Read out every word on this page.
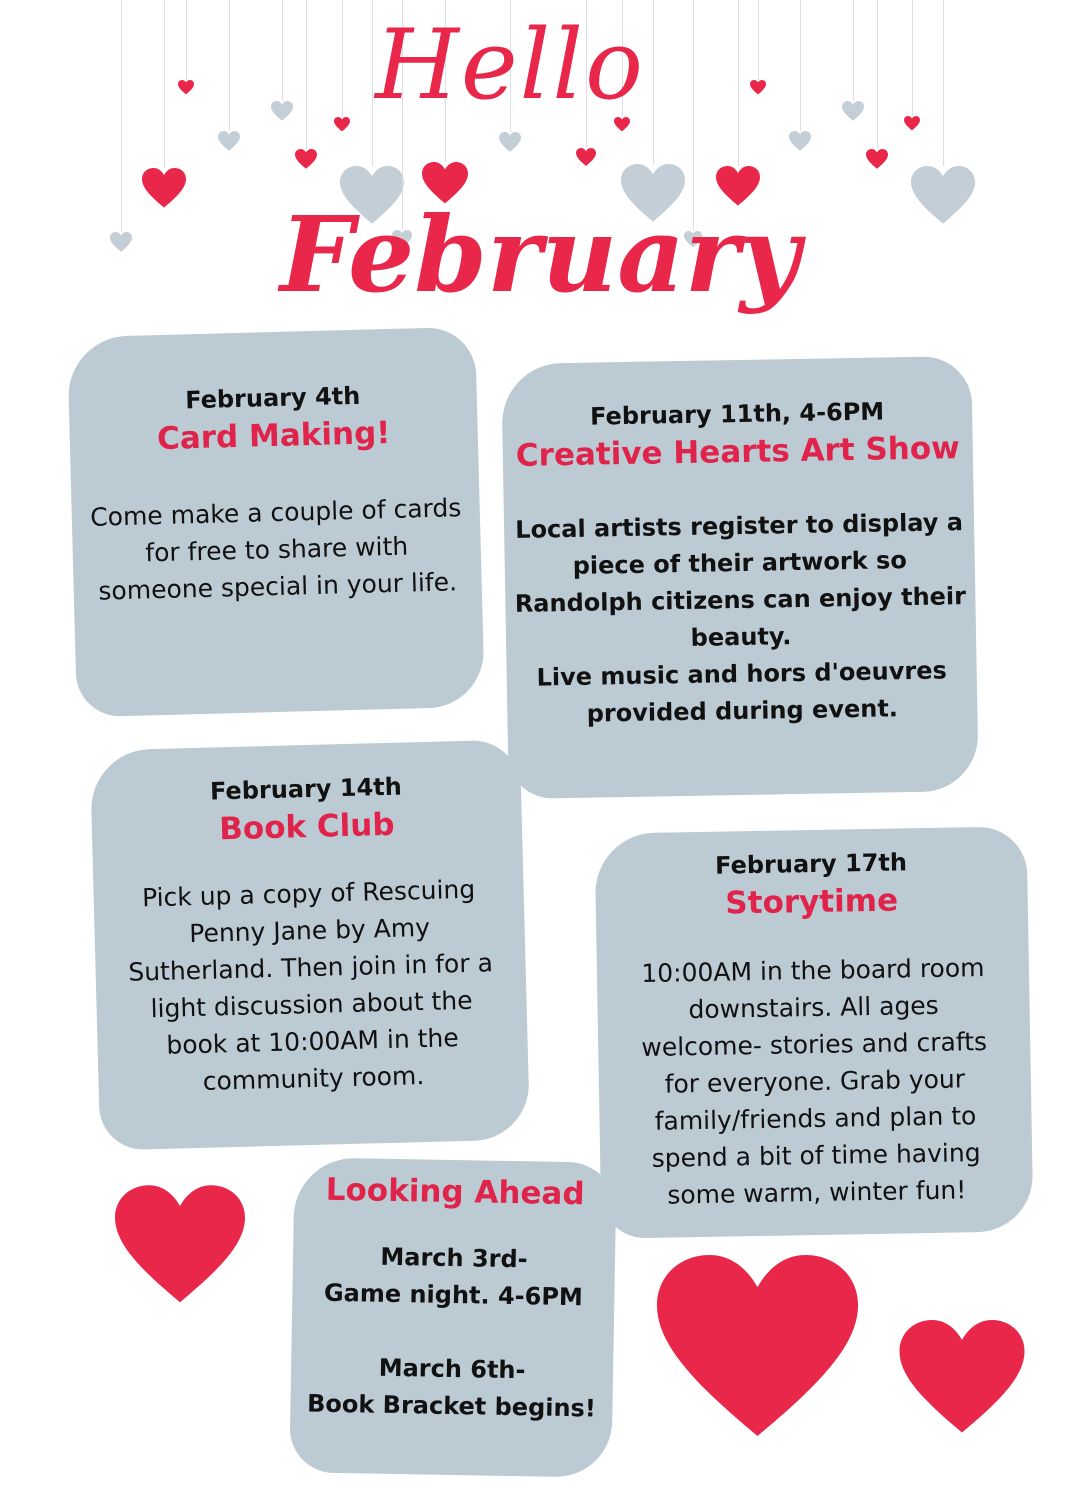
Hello
February
February 4th
Card Making!
Come make a couple of cards
for free to share with
someone special in your life.
February 11th, 4-6PM
Creative Hearts Art Show
Local artists register to display a
piece of their artwork so
Randolph citizens can enjoy their
beauty.
Live music and hors d'oeuvres
provided during event.
February 14th
Book Club
Pick up a copy of Rescuing
Penny Jane by Amy
Sutherland. Then join in for a
light discussion about the
book at 10:00AM in the
community room.
February 17th
Storytime
10:00AM in the board room
downstairs. All ages
welcome- stories and crafts
for everyone. Grab your
family/friends and plan to
spend a bit of time having
some warm, winter fun!
Looking Ahead
March 3rd-
Game night. 4-6PM
March 6th-
Book Bracket begins!
